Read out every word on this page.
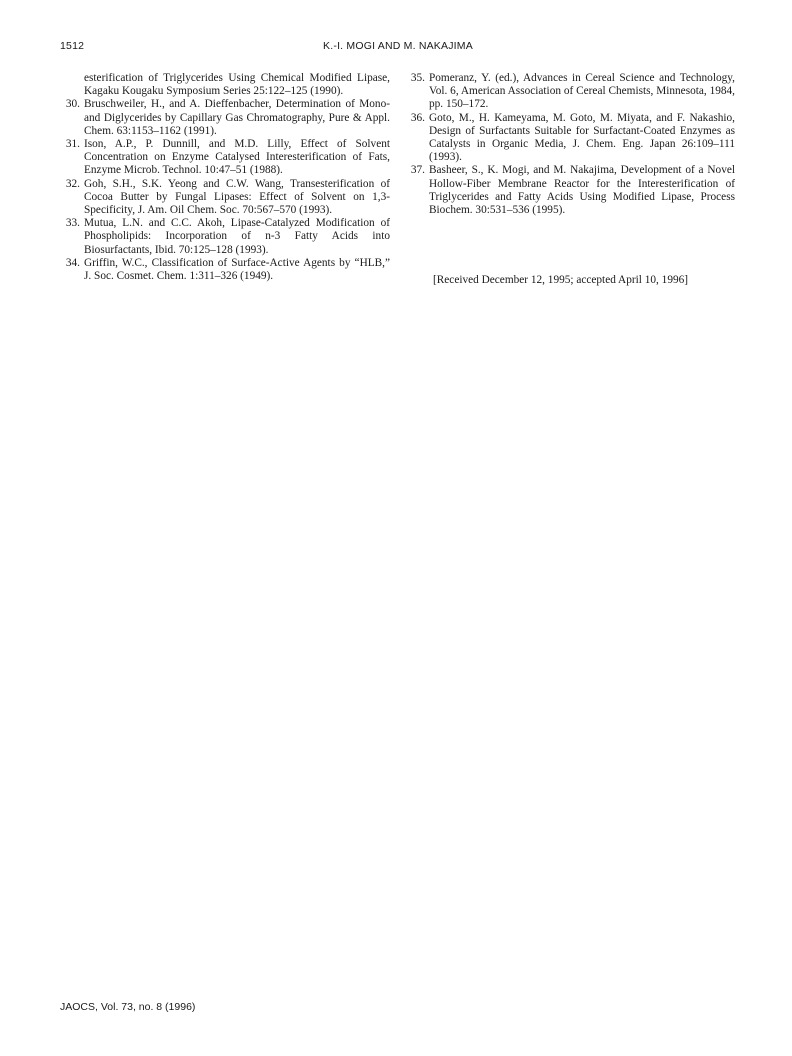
1512	K.-I. MOGI AND M. NAKAJIMA

esterification of Triglycerides Using Chemical Modified Lipase, Kagaku Kougaku Symposium Series 25:122–125 (1990).

30. Bruschweiler, H., and A. Dieffenbacher, Determination of Mono- and Diglycerides by Capillary Gas Chromatography, Pure & Appl. Chem. 63:1153–1162 (1991).

31. Ison, A.P., P. Dunnill, and M.D. Lilly, Effect of Solvent Concentration on Enzyme Catalysed Interesterification of Fats, Enzyme Microb. Technol. 10:47–51 (1988).

32. Goh, S.H., S.K. Yeong and C.W. Wang, Transesterification of Cocoa Butter by Fungal Lipases: Effect of Solvent on 1,3-Specificity, J. Am. Oil Chem. Soc. 70:567–570 (1993).

33. Mutua, L.N. and C.C. Akoh, Lipase-Catalyzed Modification of Phospholipids: Incorporation of n-3 Fatty Acids into Biosurfactants, Ibid. 70:125–128 (1993).

34. Griffin, W.C., Classification of Surface-Active Agents by “HLB,” J. Soc. Cosmet. Chem. 1:311–326 (1949).

35. Pomeranz, Y. (ed.), Advances in Cereal Science and Technology, Vol. 6, American Association of Cereal Chemists, Minnesota, 1984, pp. 150–172.

36. Goto, M., H. Kameyama, M. Goto, M. Miyata, and F. Nakashio, Design of Surfactants Suitable for Surfactant-Coated Enzymes as Catalysts in Organic Media, J. Chem. Eng. Japan 26:109–111 (1993).

37. Basheer, S., K. Mogi, and M. Nakajima, Development of a Novel Hollow-Fiber Membrane Reactor for the Interesterification of Triglycerides and Fatty Acids Using Modified Lipase, Process Biochem. 30:531–536 (1995).

[Received December 12, 1995; accepted April 10, 1996]
JAOCS, Vol. 73, no. 8 (1996)
